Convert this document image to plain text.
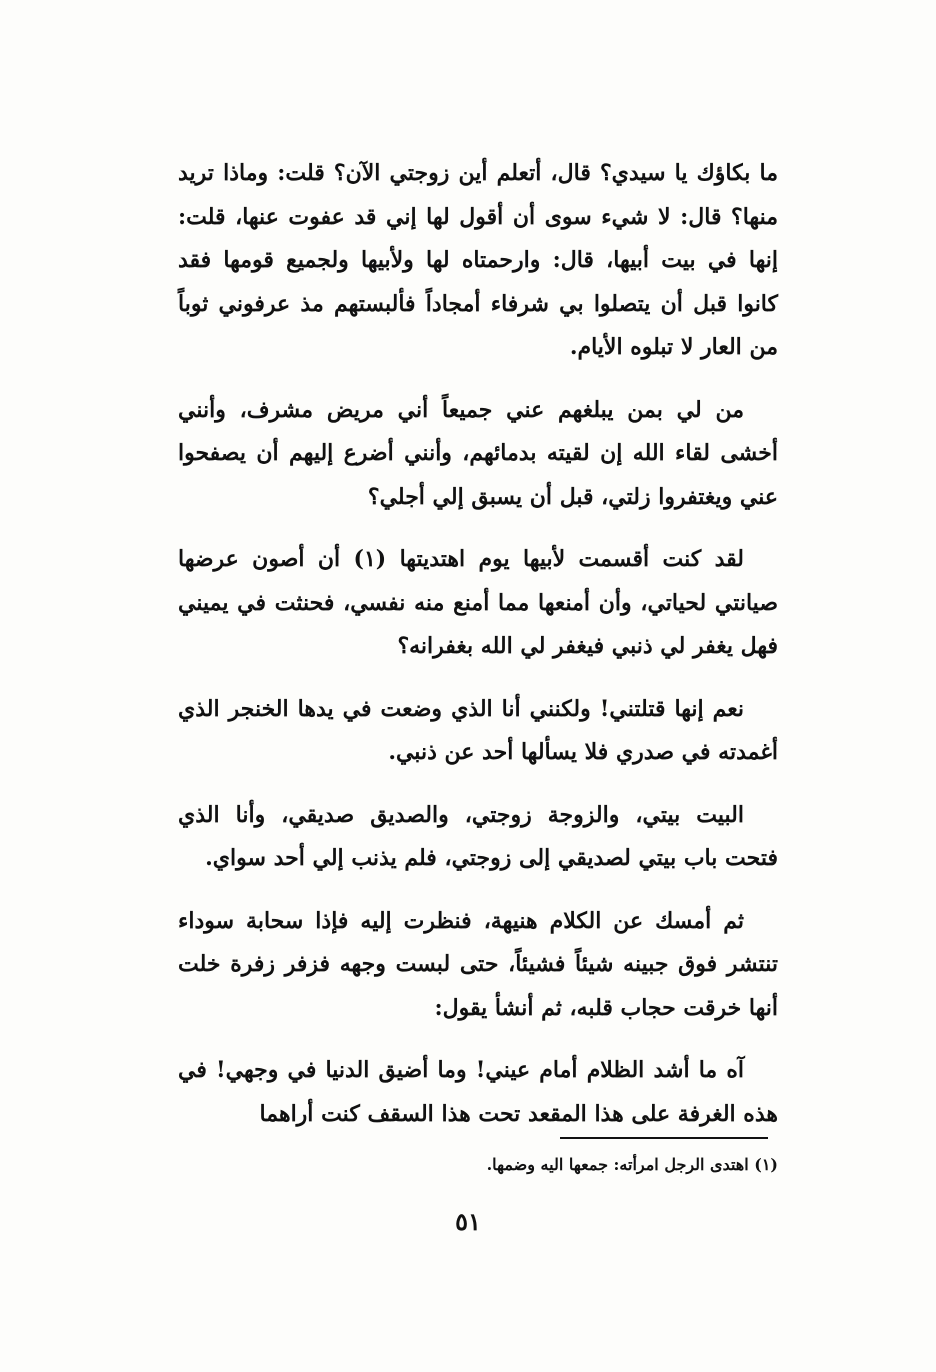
ما بكاؤك يا سيدي؟ قال، أتعلم أين زوجتي الآن؟ قلت: وماذا تريد منها؟ قال: لا شيء سوى أن أقول لها إني قد عفوت عنها، قلت: إنها في بيت أبيها، قال: وارحمتاه لها ولأبيها ولجميع قومها فقد كانوا قبل أن يتصلوا بي شرفاء أمجاداً فألبستهم مذ عرفوني ثوباً من العار لا تبلوه الأيام.

من لي بمن يبلغهم عني جميعاً أني مريض مشرف، وأنني أخشى لقاء الله إن لقيته بدمائهم، وأنني أضرع إليهم أن يصفحوا عني ويغتفروا زلتي، قبل أن يسبق إلي أجلي؟

لقد كنت أقسمت لأبيها يوم اهتديتها (١) أن أصون عرضها صيانتي لحياتي، وأن أمنعها مما أمنع منه نفسي، فحنثت في يميني فهل يغفر لي ذنبي فيغفر لي الله بغفرانه؟

نعم إنها قتلتني! ولكنني أنا الذي وضعت في يدها الخنجر الذي أغمدته في صدري فلا يسألها أحد عن ذنبي.

البيت بيتي، والزوجة زوجتي، والصديق صديقي، وأنا الذي فتحت باب بيتي لصديقي إلى زوجتي، فلم يذنب إلي أحد سواي.

ثم أمسك عن الكلام هنيهة، فنظرت إليه فإذا سحابة سوداء تنتشر فوق جبينه شيئاً فشيئاً، حتى لبست وجهه فزفر زفرة خلت أنها خرقت حجاب قلبه، ثم أنشأ يقول:

آه ما أشد الظلام أمام عيني! وما أضيق الدنيا في وجهي! في هذه الغرفة على هذا المقعد تحت هذا السقف كنت أراهما

(١) اهتدى الرجل امرأته: جمعها اليه وضمها.
٥١
